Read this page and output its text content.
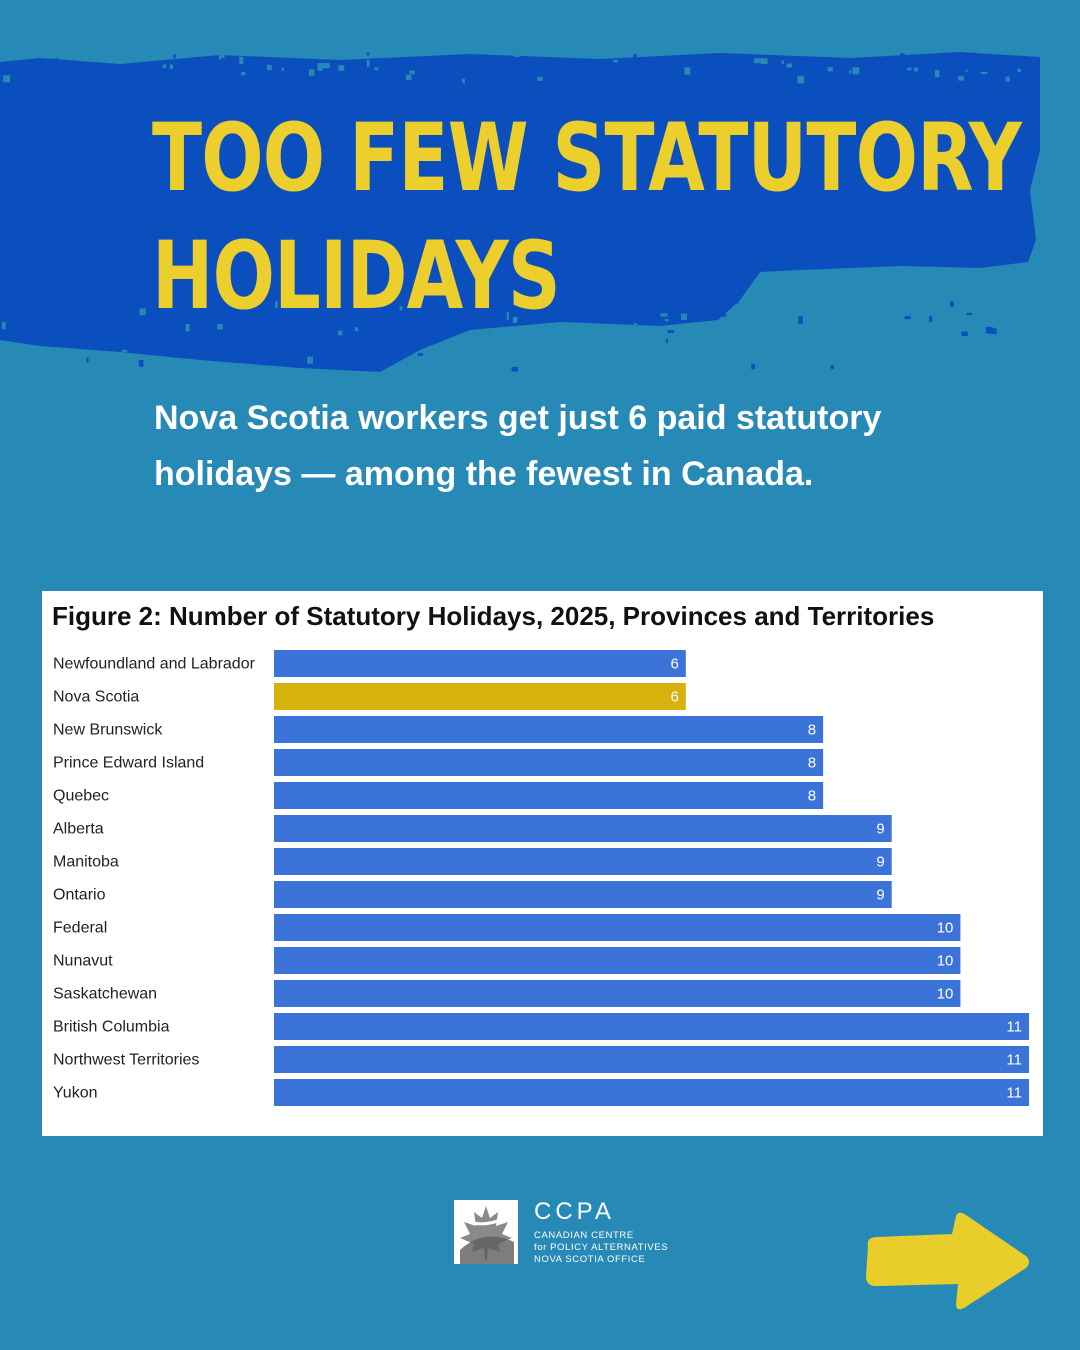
TOO FEW STATUTORY
HOLIDAYS

Nova Scotia workers get just 6 paid statutory holidays — among the fewest in Canada.

Newfoundland and Labrador	6
Nova Scotia	6
New Brunswick	8
Prince Edward Island	8
Quebec	8
Alberta	9
Manitoba	9
Ontario	9
Federal	10
Nunavut	10
Saskatchewan	10
British Columbia	11
Northwest Territories	11
Yukon	11
Figure 2: Number of Statutory Holidays, 2025, Provinces and Territories
CCPA
CANADIAN CENTRE
for POLICY ALTERNATIVES
NOVA SCOTIA OFFICE
